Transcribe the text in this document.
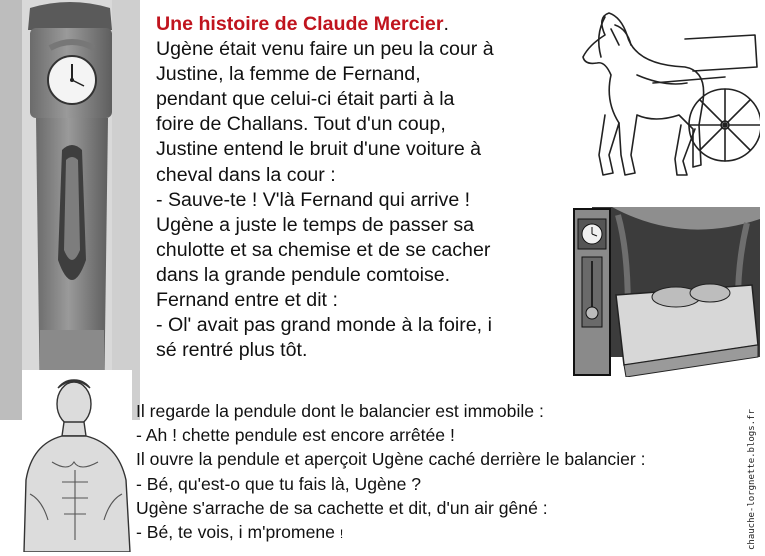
Une histoire de Claude Mercier.
Ugène était venu faire un peu la cour à
Justine, la femme de Fernand,
pendant que celui-ci était parti à la
foire de Challans. Tout d'un coup,
Justine entend le bruit d'une voiture à
cheval dans la cour :
- Sauve-te ! V'là Fernand qui arrive !
Ugène a juste le temps de passer sa
chulotte et sa chemise et de se cacher
dans la grande pendule comtoise.
Fernand entre et dit :
- Ol' avait pas grand monde à la foire, i
sé rentré plus tôt.
Il regarde la pendule dont le balancier est immobile :
- Ah ! chette pendule est encore arrêtée !
Il ouvre la pendule et aperçoit Ugène caché derrière le balancier :
- Bé, qu'est-o que tu fais là, Ugène ?
Ugène s'arrache de sa cachette et dit, d'un air gêné :
- Bé, te vois, i m'promene !	chauche-lorgnette.blogs.fr
